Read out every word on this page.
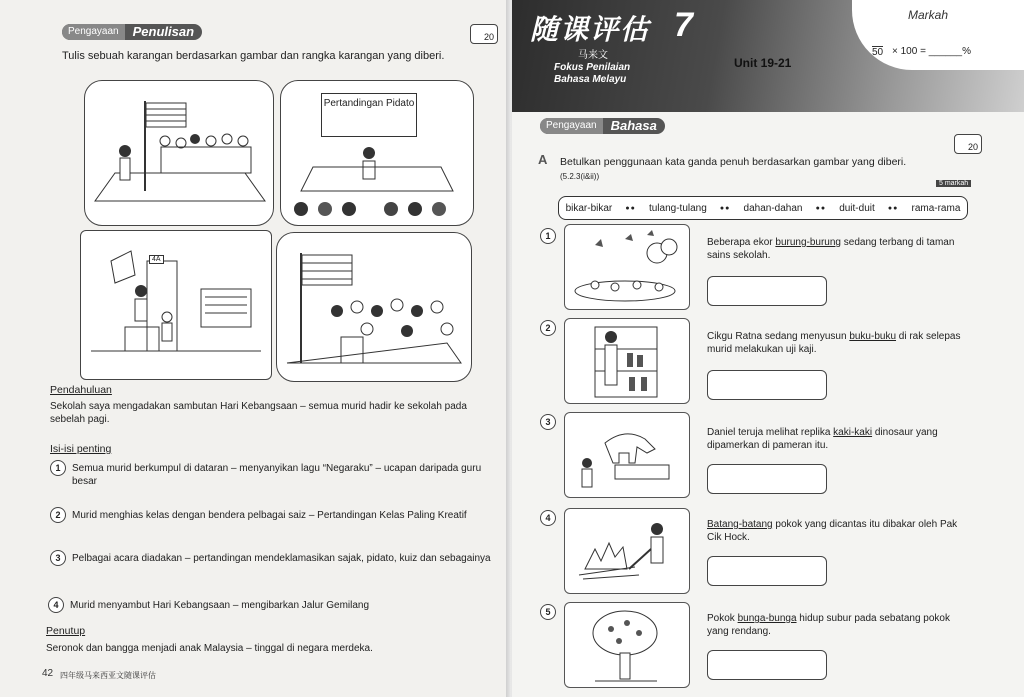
Pengayaan	Penulisan	20
Tulis sebuah karangan berdasarkan gambar dan rangka karangan yang diberi.
Pertandingan Pidato
4A
Pendahuluan
Sekolah saya mengadakan sambutan Hari Kebangsaan – semua murid hadir ke sekolah pada sebelah pagi.
Isi-isi penting
1	Semua murid berkumpul di dataran – menyanyikan lagu “Negaraku” – ucapan daripada guru besar
2	Murid menghias kelas dengan bendera pelbagai saiz – Pertandingan Kelas Paling Kreatif
3	Pelbagai acara diadakan – pertandingan mendeklamasikan sajak, pidato, kuiz dan sebagainya
4	Murid menyambut Hari Kebangsaan – mengibarkan Jalur Gemilang
Penutup
Seronok dan bangga menjadi anak Malaysia – tinggal di negara merdeka.
42 四年级马来西亚文随课评估
随课评估 7
马来文
Fokus Penilaian Bahasa Melayu
Unit 19-21
Markah
50 × 100 = ______%
Pengayaan	Bahasa
20
A Betulkan penggunaan kata ganda penuh berdasarkan gambar yang diberi.
(5.2.3(i&ii))
5 markah
bikar-bikar ●● tulang-tulang ●● dahan-dahan ●● duit-duit ●● rama-rama
1
Beberapa ekor burung-burung sedang terbang di taman sains sekolah.
2
Cikgu Ratna sedang menyusun buku-buku di rak selepas murid melakukan uji kaji.
3
Daniel teruja melihat replika kaki-kaki dinosaur yang dipamerkan di pameran itu.
4
Batang-batang pokok yang dicantas itu dibakar oleh Pak Cik Hock.
5
Pokok bunga-bunga hidup subur pada sebatang pokok yang rendang.
